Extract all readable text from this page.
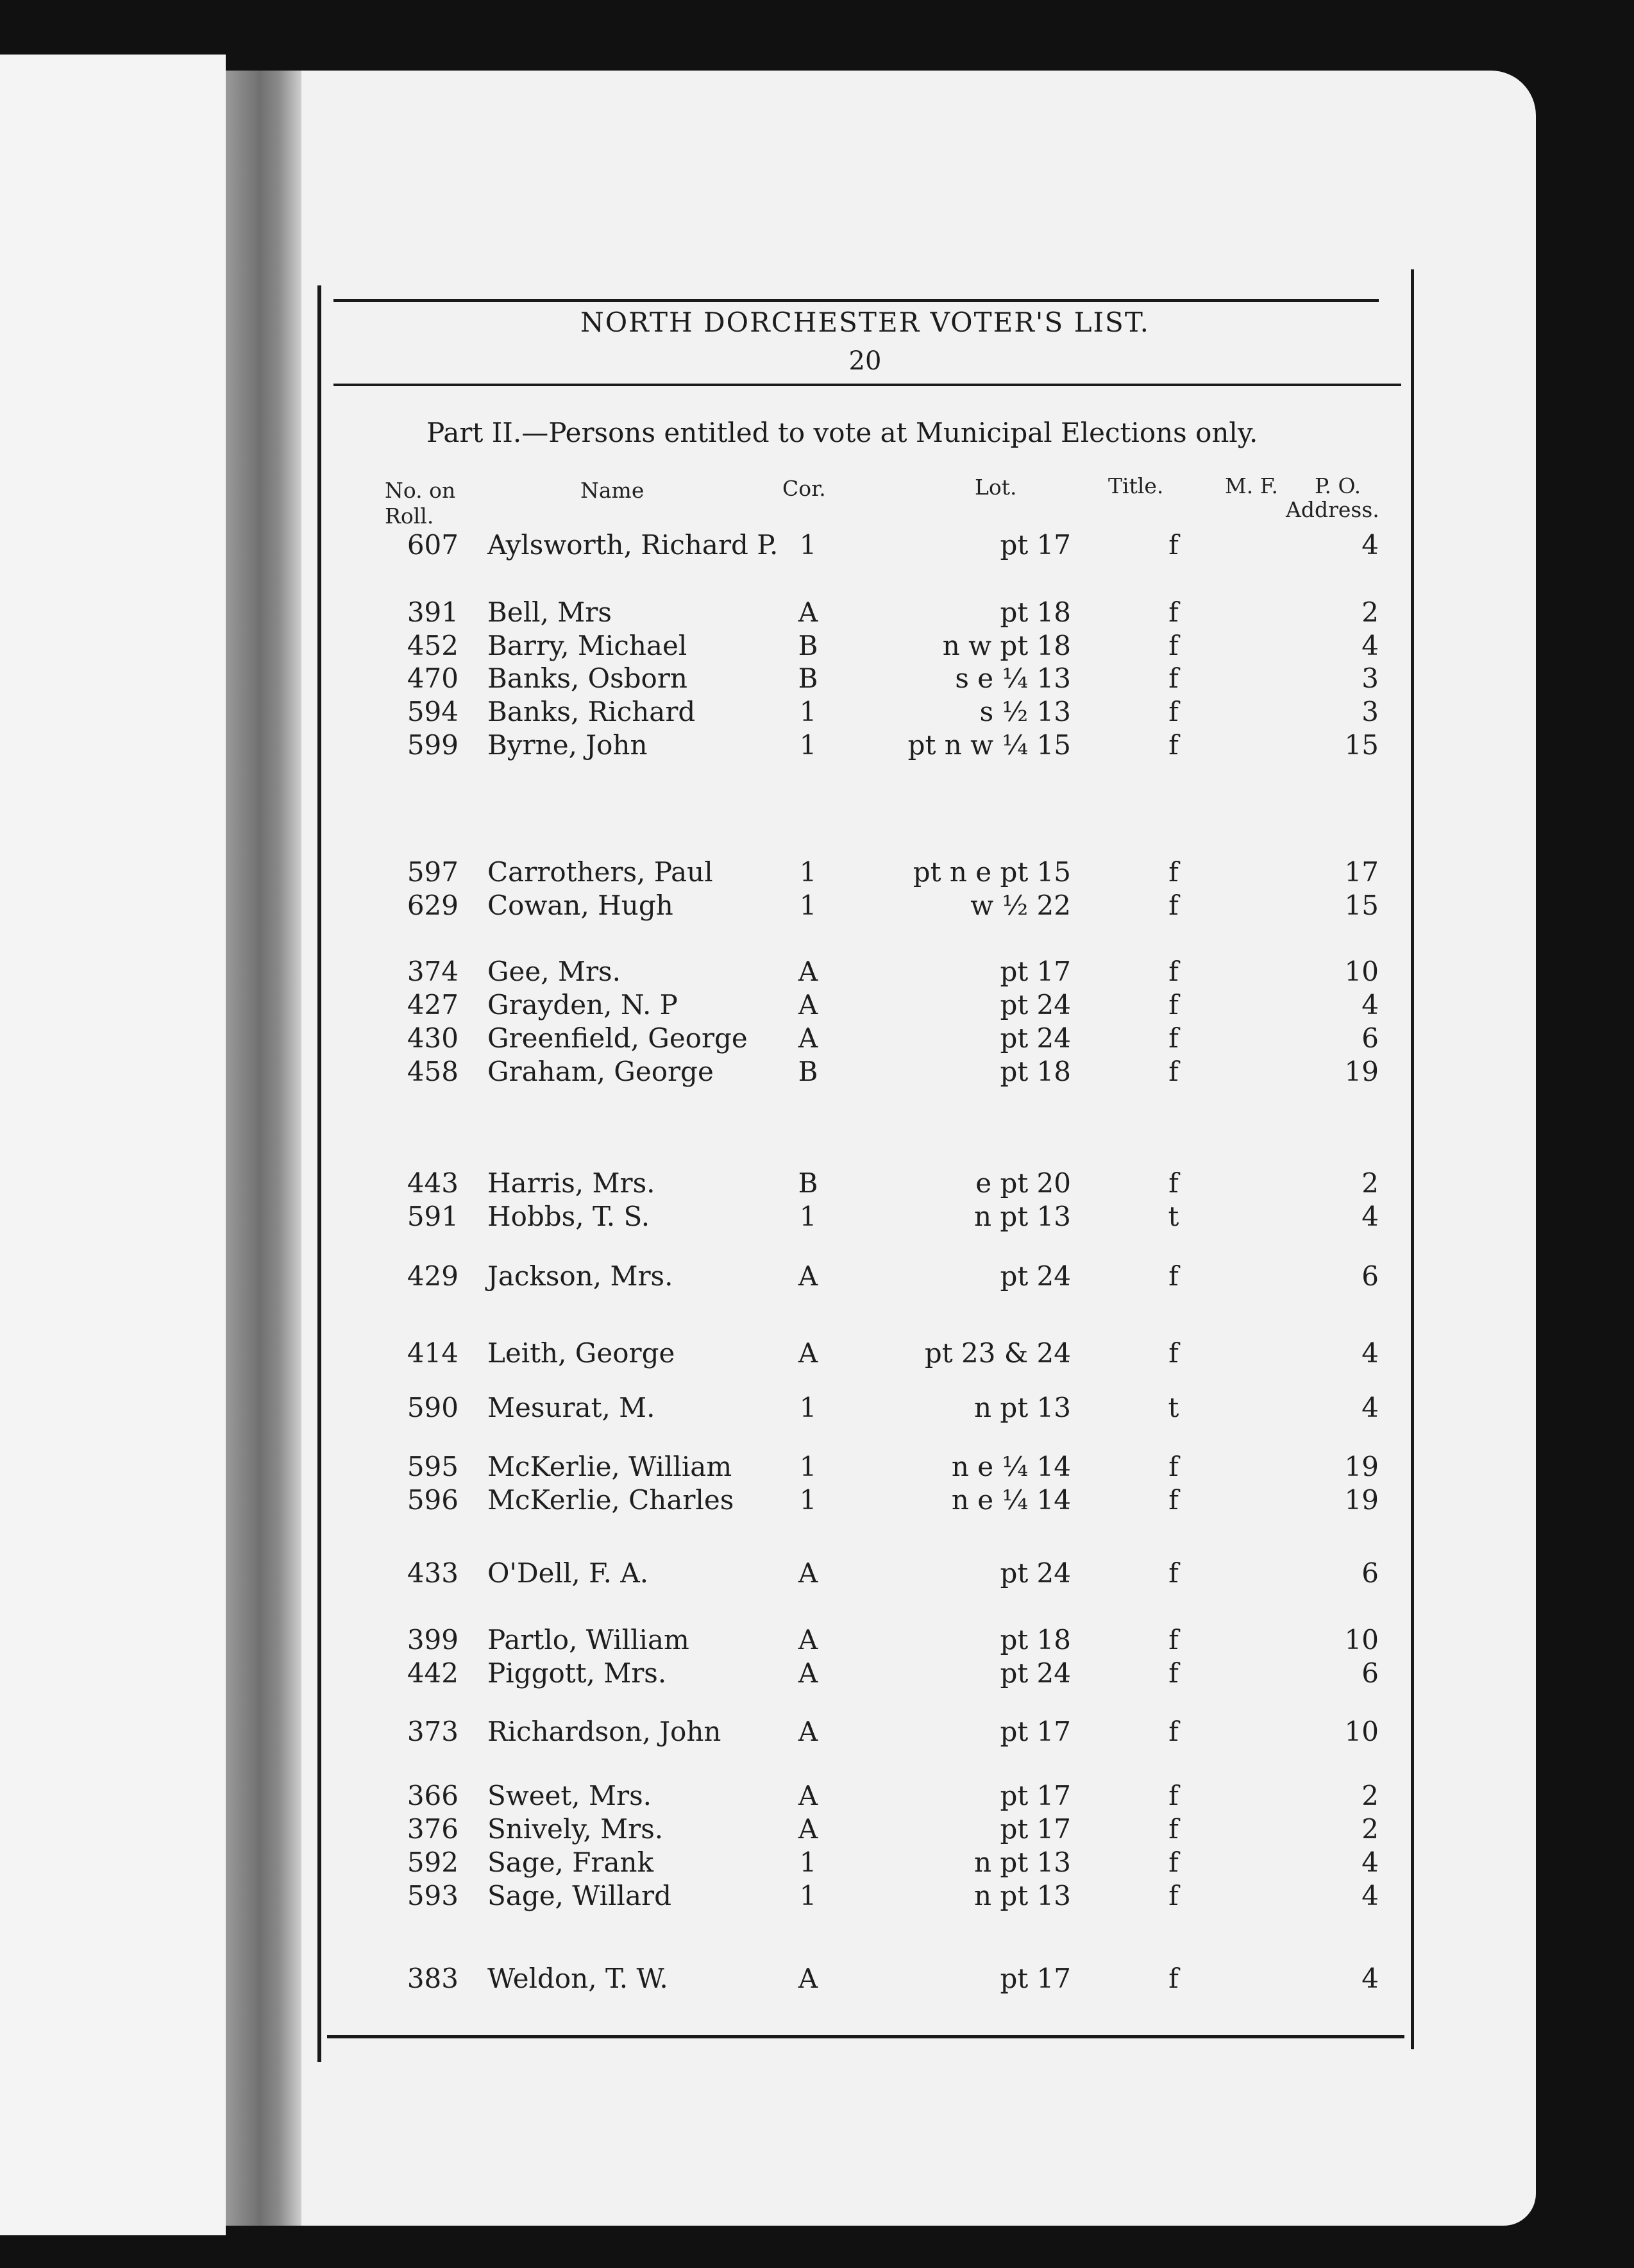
NORTH DORCHESTER VOTER'S LIST.
20
Part II.—Persons entitled to vote at Municipal Elections only.
No. on
Roll.
Name	Cor.	Lot.	Title.	M. F. P. O.
Address.
607 Aylsworth, Richard P. 1	pt 17	f	4
391 Bell, Mrs	A	pt 18	f	2
452 Barry, Michael	B	n w pt 18	f	4
470 Banks, Osborn	B	s e ¼ 13	f	3
594 Banks, Richard	1	s ½ 13	f	3
599 Byrne, John	1	pt n w ¼ 15	f	15
597 Carrothers, Paul	1	pt n e pt 15	f	17
629 Cowan, Hugh	1	w ½ 22	f	15
374 Gee, Mrs.	A	pt 17	f	10
427 Grayden, N. P	A	pt 24	f	4
430 Greenfield, George	A	pt 24	f	6
458 Graham, George	B	pt 18	f	19
443 Harris, Mrs.	B	e pt 20	f	2
591 Hobbs, T. S.	1	n pt 13	t	4
429 Jackson, Mrs.	A	pt 24	f	6
414 Leith, George	A	pt 23 & 24	f	4
590 Mesurat, M.	1	n pt 13	t	4
595 McKerlie, William	1	n e ¼ 14	f	19
596 McKerlie, Charles	1	n e ¼ 14	f	19
433 O'Dell, F. A.	A	pt 24	f	6
399 Partlo, William	A	pt 18	f	10
442 Piggott, Mrs.	A	pt 24	f	6
373 Richardson, John	A	pt 17	f	10
366 Sweet, Mrs.	A	pt 17	f	2
376 Snively, Mrs.	A	pt 17	f	2
592 Sage, Frank	1	n pt 13	f	4
593 Sage, Willard	1	n pt 13	f	4
383 Weldon, T. W.	A	pt 17	f	4
